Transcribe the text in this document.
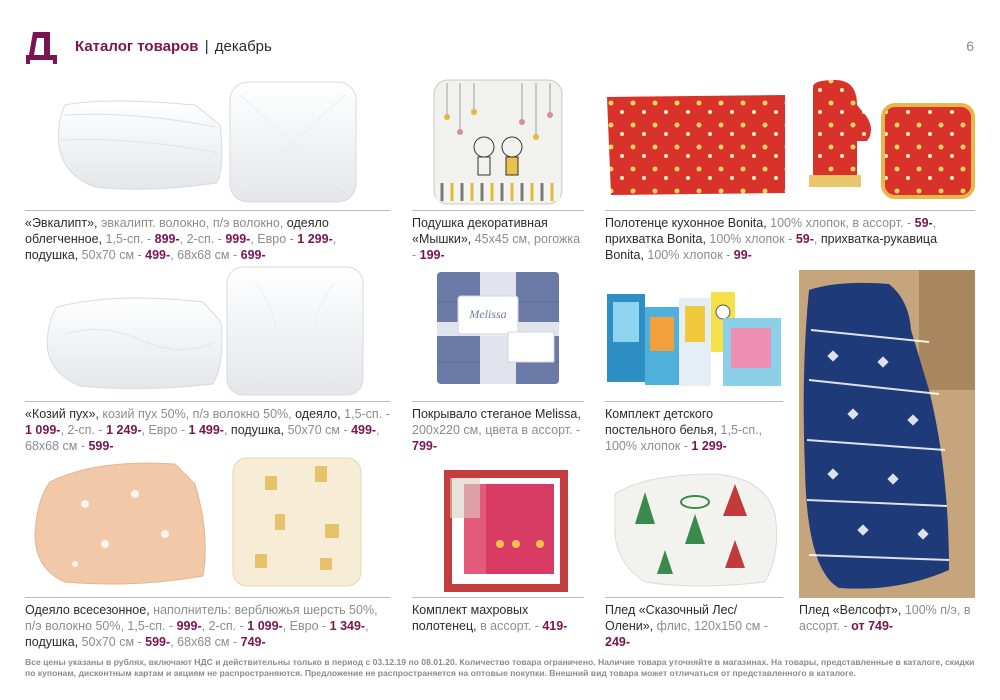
Каталог товаров | декабрь	6
«Эвкалипт», эвкалипт. волокно, п/э волокно, одеяло облегченное, 1,5-сп. - 899-, 2-сп. - 999-, Евро - 1 299-, подушка, 50х70 см - 499-, 68х68 см - 699-
Подушка декоративная «Мышки», 45х45 см, рогожка - 199-
Полотенце кухонное Bonita, 100% хлопок, в ассорт. - 59-, прихватка Bonita, 100% хлопок - 59-, прихватка-рукавица Bonita, 100% хлопок - 99-
«Козий пух», козий пух 50%, п/э волокно 50%, одеяло, 1,5-сп. - 1 099-, 2-сп. - 1 249-, Евро - 1 499-, подушка, 50х70 см - 499-, 68х68 см - 599-
Melissa
Покрывало стеганое Melissa, 200х220 см, цвета в ассорт. - 799-
Комплект детского постельного белья, 1,5-сп., 100% хлопок - 1 299-
Одеяло всесезонное, наполнитель: верблюжья шерсть 50%, п/э волокно 50%, 1,5-сп. - 999-, 2-сп. - 1 099-, Евро - 1 349-, подушка, 50х70 см - 599-, 68х68 см - 749-
Комплект махровых полотенец, в ассорт. - 419-
Плед «Сказочный Лес/Олени», флис, 120х150 см - 249-
Плед «Велсофт», 100% п/э, в ассорт. - от 749-
Все цены указаны в рублях, включают НДС и действительны только в период с 03.12.19 по 08.01.20. Количество товара ограничено. Наличие товара уточняйте в магазинах. На товары, представленные в каталоге, скидки по купонам, дисконтным картам и акциям не распространяются. Предложение не распространяется на оптовые покупки. Внешний вид товара может отличаться от представленного в каталоге.
